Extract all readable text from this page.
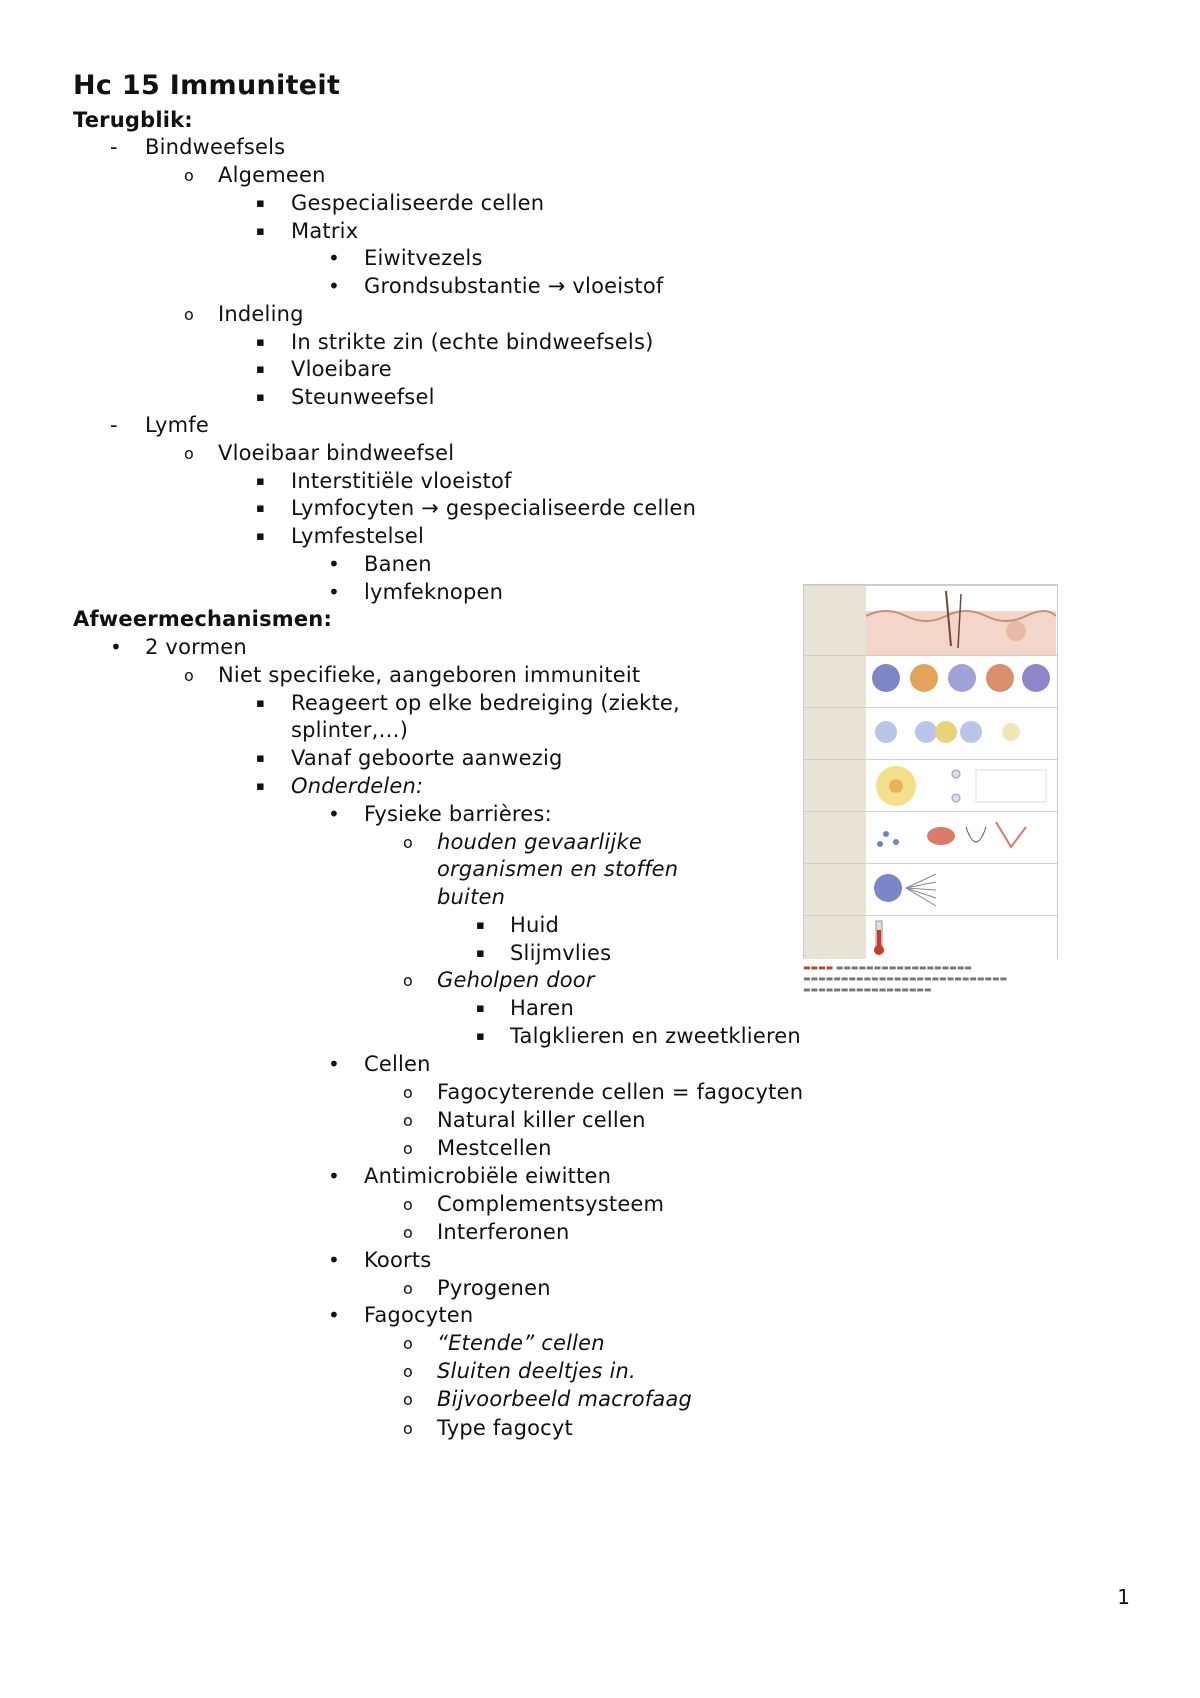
Hc 15 Immuniteit
Terugblik:
- Bindweefsels
o Algemeen
▪ Gespecialiseerde cellen
▪ Matrix
• Eiwitvezels
• Grondsubstantie → vloeistof
o Indeling
▪ In strikte zin (echte bindweefsels)
▪ Vloeibare
▪ Steunweefsel
- Lymfe
o Vloeibaar bindweefsel
▪ Interstitiële vloeistof
▪ Lymfocyten → gespecialiseerde cellen
▪ Lymfestelsel
• Banen
• lymfeknopen
Afweermechanismen:
• 2 vormen
o Niet specifieke, aangeboren immuniteit
▪ Reageert op elke bedreiging (ziekte,
splinter,…)
▪ Vanaf geboorte aanwezig
▪ Onderdelen:
• Fysieke barrières:
o houden gevaarlijke
organismen en stoffen
buiten
▪ Huid
▪ Slijmvlies
o Geholpen door
▪ Haren
▪ Talgklieren en zweetklieren
• Cellen
o Fagocyterende cellen = fagocyten
o Natural killer cellen
o Mestcellen
• Antimicrobiële eiwitten
o Complementsysteem
o Interferonen
• Koorts
o Pyrogenen
• Fagocyten
o “Etende” cellen
o Sluiten deeltjes in.
o Bijvoorbeeld macrofaag
o Type fagocyt
▬▬▬▬ ▬▬▬▬▬▬▬▬▬▬▬▬▬▬▬▬▬▬
▬▬▬▬▬▬▬▬▬▬▬▬▬▬▬▬▬▬▬▬▬▬▬▬▬▬▬
▬▬▬▬▬▬▬▬▬▬▬▬▬▬▬▬▬
1
